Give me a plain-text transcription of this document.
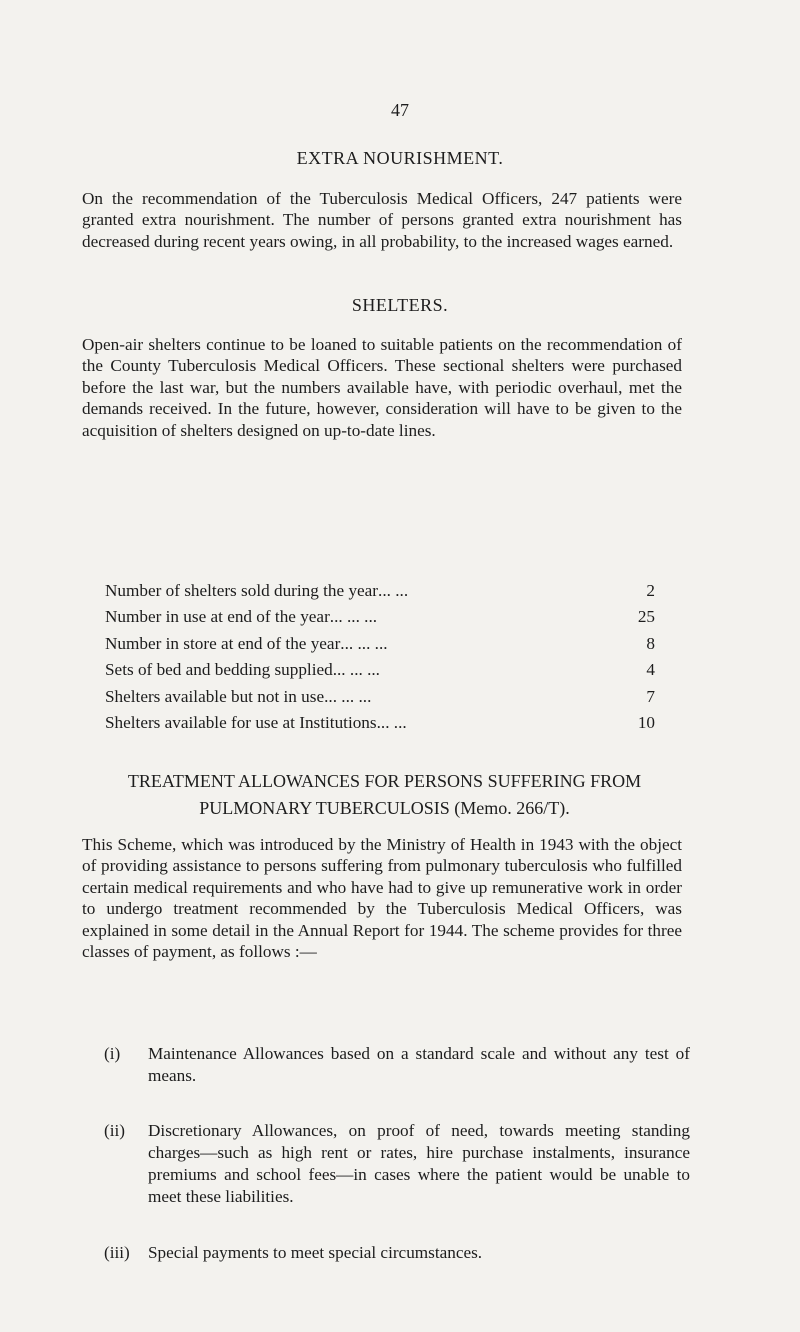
47
EXTRA NOURISHMENT.
On the recommendation of the Tuberculosis Medical Officers, 247 patients were granted extra nourishment. The number of persons granted extra nourishment has decreased during recent years owing, in all probability, to the increased wages earned.
SHELTERS.
Open-air shelters continue to be loaned to suitable patients on the recommendation of the County Tuberculosis Medical Officers. These sectional shelters were purchased before the last war, but the numbers available have, with periodic overhaul, met the demands received. In the future, however, consideration will have to be given to the acquisition of shelters designed on up-to-date lines.
Number of shelters sold during the year ... ...	2
Number in use at end of the year ... ... ...	25
Number in store at end of the year ... ... ...	8
Sets of bed and bedding supplied ... ... ...	4
Shelters available but not in use ... ... ...	7
Shelters available for use at Institutions ... ...	10
TREATMENT ALLOWANCES FOR PERSONS SUFFERING FROM PULMONARY TUBERCULOSIS (Memo. 266/T).
This Scheme, which was introduced by the Ministry of Health in 1943 with the object of providing assistance to persons suffering from pulmonary tuberculosis who fulfilled certain medical requirements and who have had to give up remunerative work in order to undergo treatment recommended by the Tuberculosis Medical Officers, was explained in some detail in the Annual Report for 1944. The scheme provides for three classes of payment, as follows :—
(i)	Maintenance Allowances based on a standard scale and without any test of means.
(ii)	Discretionary Allowances, on proof of need, towards meeting standing charges—such as high rent or rates, hire purchase instalments, insurance premiums and school fees—in cases where the patient would be unable to meet these liabilities.
(iii)	Special payments to meet special circumstances.
